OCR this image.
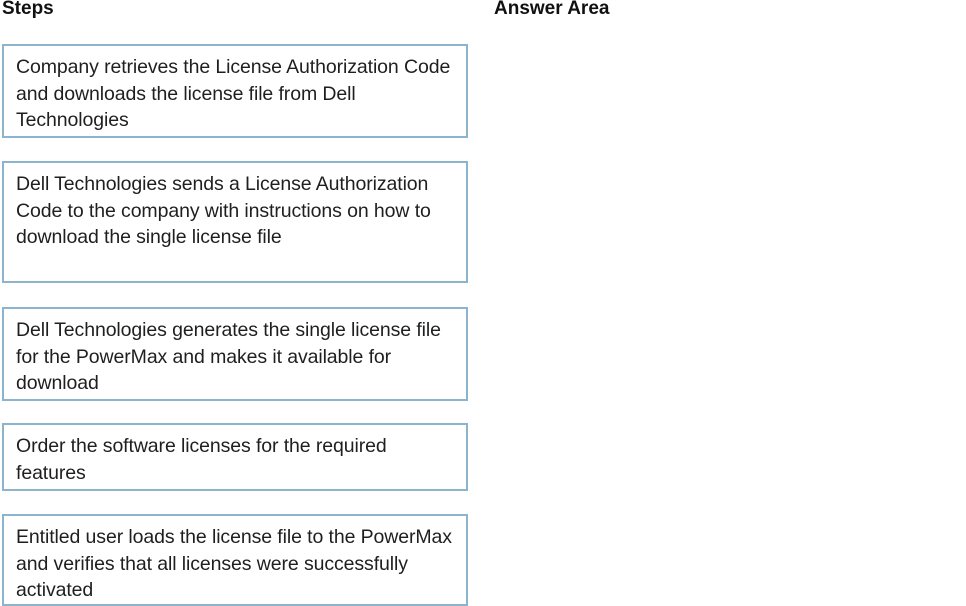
Steps	Answer Area
Company retrieves the License Authorization Code and downloads the license file from Dell Technologies
Dell Technologies sends a License Authorization Code to the company with instructions on how to download the single license file
Dell Technologies generates the single license file for the PowerMax and makes it available for download
Order the software licenses for the required features
Entitled user loads the license file to the PowerMax and verifies that all licenses were successfully activated
